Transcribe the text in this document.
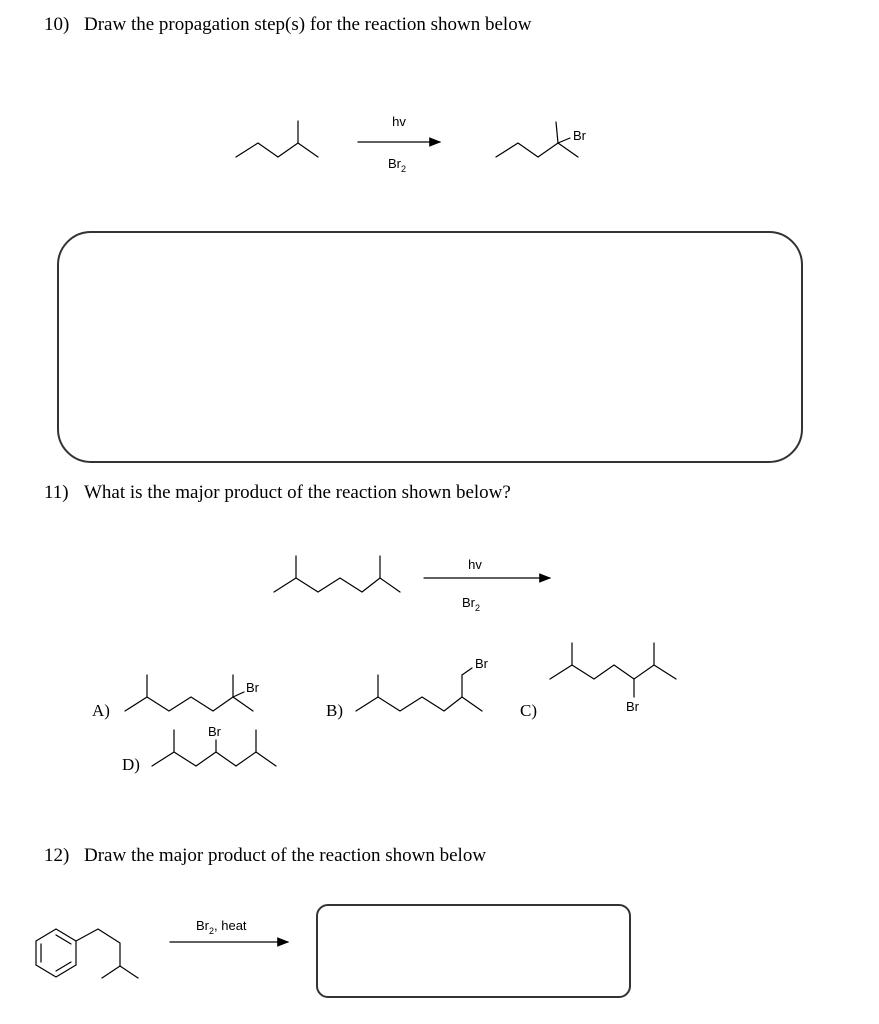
10) Draw the propagation step(s) for the reaction shown below
11) What is the major product of the reaction shown below?
12) Draw the major product of the reaction shown below
hv
$Br_2$
Br
hv
$Br_2$
A)
Br
B)
Br
C)	Br
D)
Br
$Br_2$, heat
